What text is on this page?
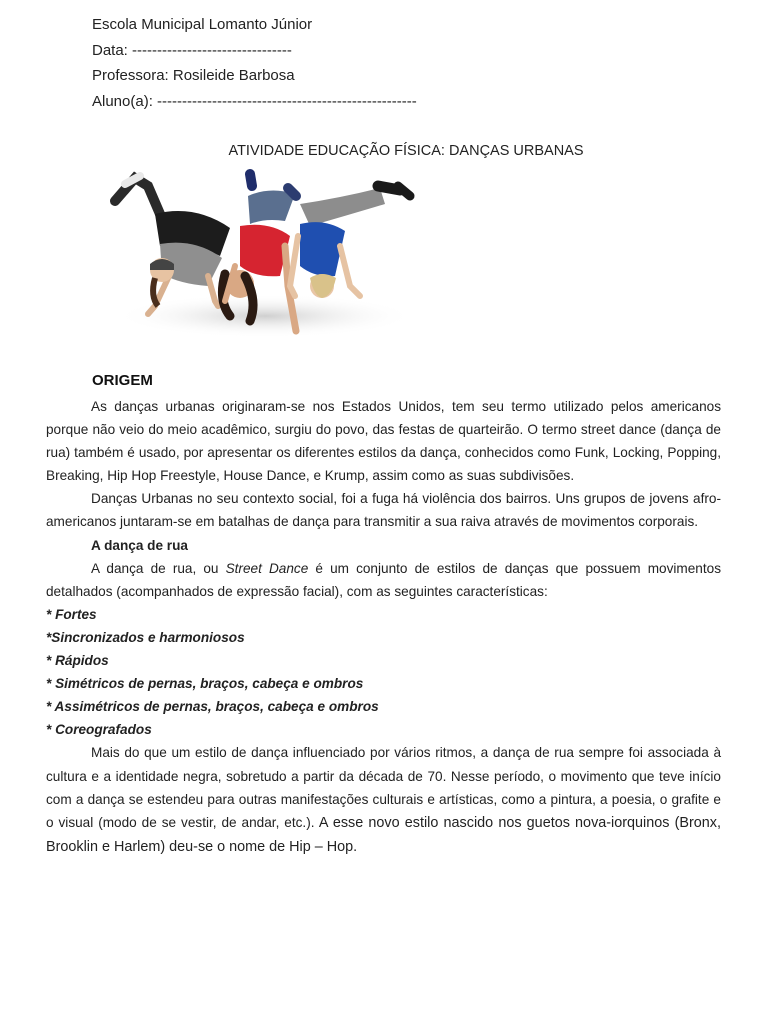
Escola Municipal Lomanto Júnior
Data: --------------------------------
Professora: Rosileide Barbosa
Aluno(a): ----------------------------------------------------
ATIVIDADE EDUCAÇÃO FÍSICA: DANÇAS URBANAS
ORIGEM

As danças urbanas originaram-se nos Estados Unidos, tem seu termo utilizado pelos americanos porque não veio do meio acadêmico, surgiu do povo, das festas de quarteirão. O termo street dance (dança de rua) também é usado, por apresentar os diferentes estilos da dança, conhecidos como Funk, Locking, Popping, Breaking, Hip Hop Freestyle, House Dance, e Krump, assim como as suas subdivisões.

Danças Urbanas no seu contexto social, foi a fuga há violência dos bairros. Uns grupos de jovens afro-americanos juntaram-se em batalhas de dança para transmitir a sua raiva através de movimentos corporais.

A dança de rua

A dança de rua, ou Street Dance é um conjunto de estilos de danças que possuem movimentos detalhados (acompanhados de expressão facial), com as seguintes características:

* Fortes
*Sincronizados e harmoniosos
* Rápidos
* Simétricos de pernas, braços, cabeça e ombros
* Assimétricos de pernas, braços, cabeça e ombros
* Coreografados

Mais do que um estilo de dança influenciado por vários ritmos, a dança de rua sempre foi associada à cultura e a identidade negra, sobretudo a partir da década de 70. Nesse período, o movimento que teve início com a dança se estendeu para outras manifestações culturais e artísticas, como a pintura, a poesia, o grafite e o visual (modo de se vestir, de andar, etc.). A esse novo estilo nascido nos guetos nova-iorquinos (Bronx, Brooklin e Harlem) deu-se o nome de Hip – Hop.
